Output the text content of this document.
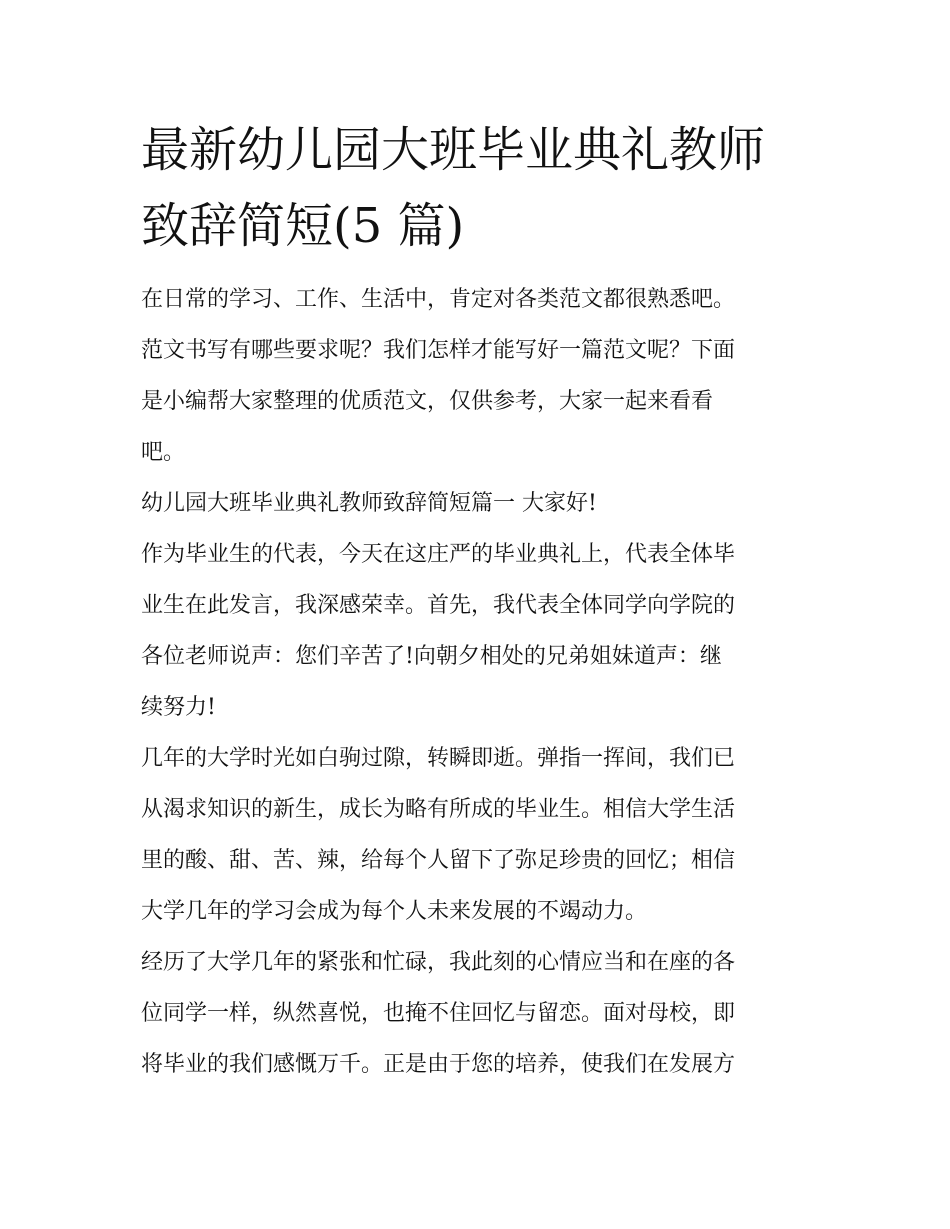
最新幼儿园大班毕业典礼教师
致辞简短(5 篇)
在日常的学习、工作、生活中，肯定对各类范文都很熟悉吧。
范文书写有哪些要求呢？我们怎样才能写好一篇范文呢？下面
是小编帮大家整理的优质范文，仅供参考，大家一起来看看
吧。
幼儿园大班毕业典礼教师致辞简短篇一 大家好!
作为毕业生的代表，今天在这庄严的毕业典礼上，代表全体毕
业生在此发言，我深感荣幸。首先，我代表全体同学向学院的
各位老师说声：您们辛苦了!向朝夕相处的兄弟姐妹道声：继
续努力!
几年的大学时光如白驹过隙，转瞬即逝。弹指一挥间，我们已
从渴求知识的新生，成长为略有所成的毕业生。相信大学生活
里的酸、甜、苦、辣，给每个人留下了弥足珍贵的回忆；相信
大学几年的学习会成为每个人未来发展的不竭动力。
经历了大学几年的紧张和忙碌，我此刻的心情应当和在座的各
位同学一样，纵然喜悦，也掩不住回忆与留恋。面对母校，即
将毕业的我们感慨万千。正是由于您的培养，使我们在发展方
